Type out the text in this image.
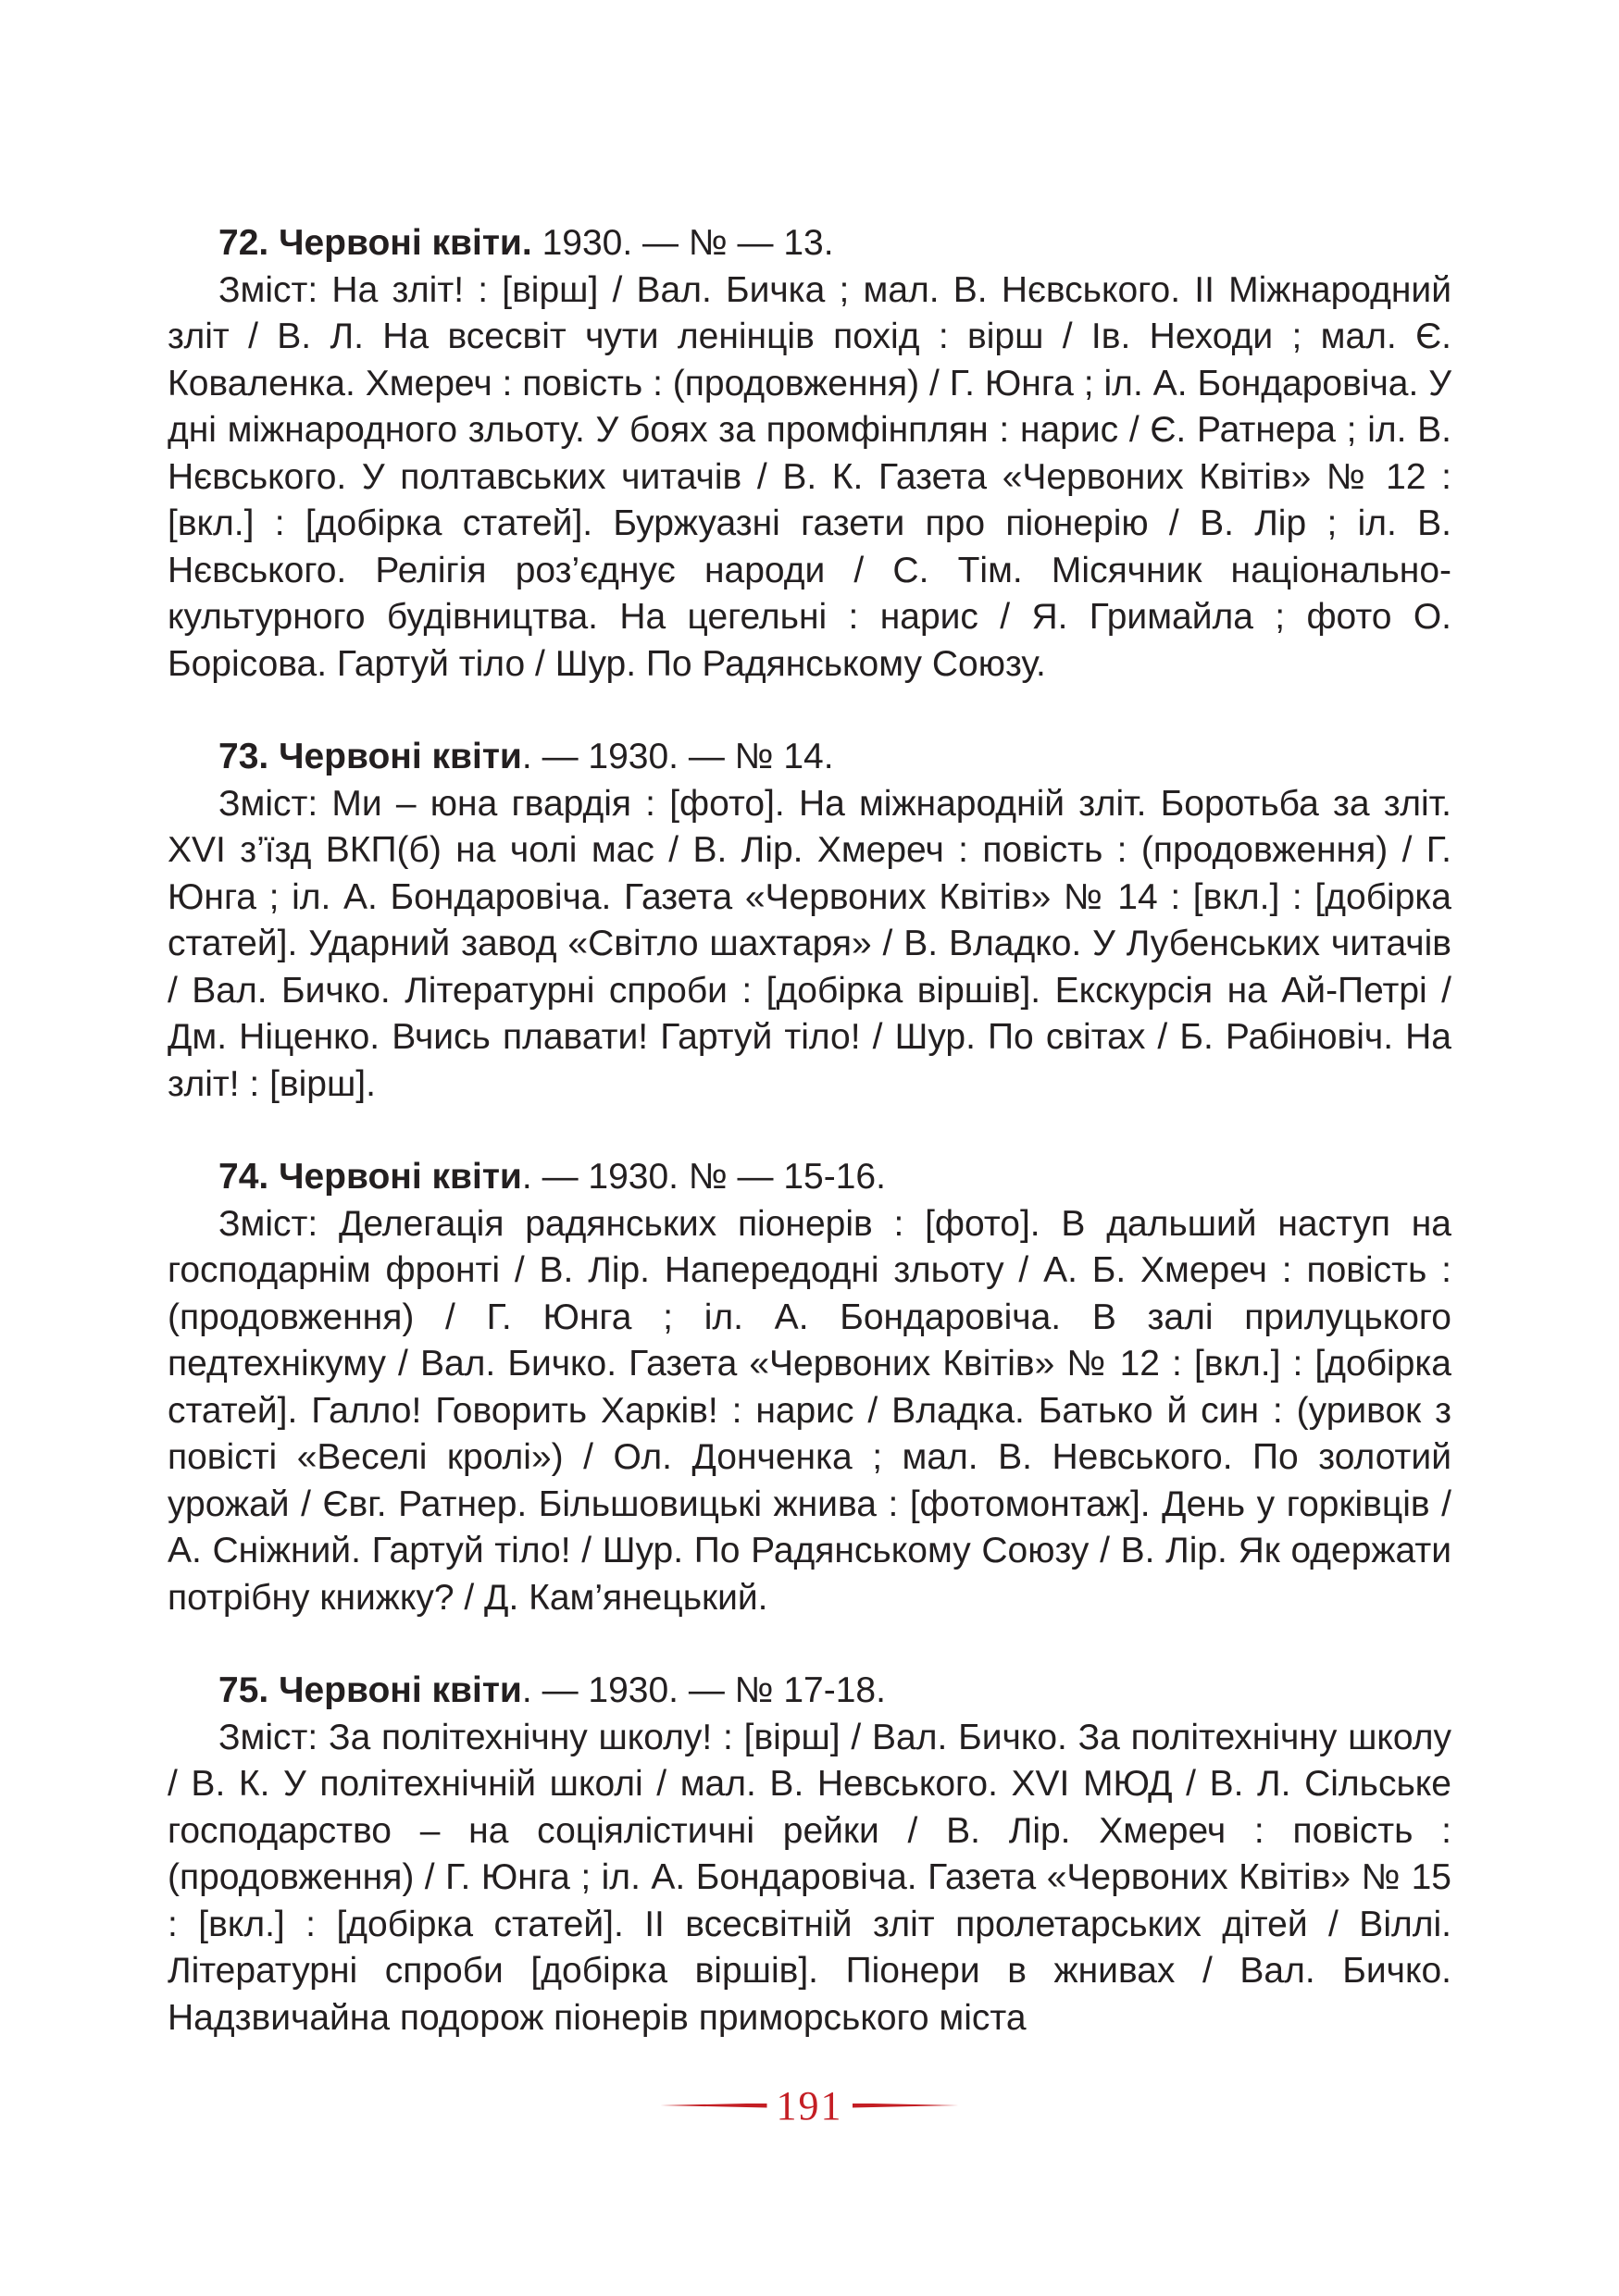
72. Червоні квіти. 1930. — № — 13.

Зміст: На зліт! : [вірш] / Вал. Бичка ; мал. В. Нєвського. II Міжнародний зліт / В. Л. На всесвіт чути ленінців похід : вірш / Ів. Неходи ; мал. Є. Коваленка. Хмереч : повість : (продовження) / Г. Юнга ; іл. А. Бондаровіча. У дні міжнародного зльоту. У боях за промфінплян : нарис / Є. Ратнера ; іл. В. Нєвського. У полтавських читачів / В. К. Газета «Червоних Квітів» № 12 : [вкл.] : [добірка статей]. Буржуазні газети про піонерію / В. Лір ; іл. В. Нєвського. Релігія роз’єднує народи / С. Тім. Місячник національно-культурного будівництва. На цегельні : нарис / Я. Гримайла ; фото О. Борісова. Гартуй тіло / Шур. По Радянському Союзу.

73. Червоні квіти. — 1930. — № 14.

Зміст: Ми – юна гвардія : [фото]. На міжнародній зліт. Боротьба за зліт. XVI з’їзд ВКП(б) на чолі мас / В. Лір. Хмереч : повість : (продовження) / Г. Юнга ; іл. А. Бондаровіча. Газета «Червоних Квітів» № 14 : [вкл.] : [добірка статей]. Ударний завод «Світло шахтаря» / В. Владко. У Лубенських читачів / Вал. Бичко. Літературні спроби : [добірка віршів]. Екскурсія на Ай-Петрі / Дм. Ніценко. Вчись плавати! Гартуй тіло! / Шур. По світах / Б. Рабіновіч. На зліт! : [вірш].

74. Червоні квіти. — 1930. № — 15-16.

Зміст: Делегація радянських піонерів : [фото]. В дальший наступ на господарнім фронті / В. Лір. Напередодні зльоту / А. Б. Хмереч : повість : (продовження) / Г. Юнга ; іл. А. Бондаровіча. В залі прилуцького педтехнікуму / Вал. Бичко. Газета «Червоних Квітів» № 12 : [вкл.] : [добірка статей]. Галло! Говорить Харків! : нарис / Владка. Батько й син : (уривок з повісті «Веселі кролі») / Ол. Донченка ; мал. В. Невського. По золотий урожай / Євг. Ратнер. Більшовицькі жнива : [фотомонтаж]. День у горківців / А. Сніжний. Гартуй тіло! / Шур. По Радянському Союзу / В. Лір. Як одержати потрібну книжку? / Д. Кам’янецький.

75. Червоні квіти. — 1930. — № 17-18.

Зміст: За політехнічну школу! : [вірш] / Вал. Бичко. За політехнічну школу / В. К. У політехнічній школі / мал. В. Невського. XVI МЮД / В. Л. Сільське господарство – на соціялістичні рейки / В. Лір. Хмереч : повість : (продовження) / Г. Юнга ; іл. А. Бондаровіча. Газета «Червоних Квітів» № 15 : [вкл.] : [добірка статей]. II всесвітній зліт пролетарських дітей / Віллі. Літературні спроби [добірка віршів]. Піонери в жнивах / Вал. Бичко. Надзвичайна подорож піонерів приморського міста

191
